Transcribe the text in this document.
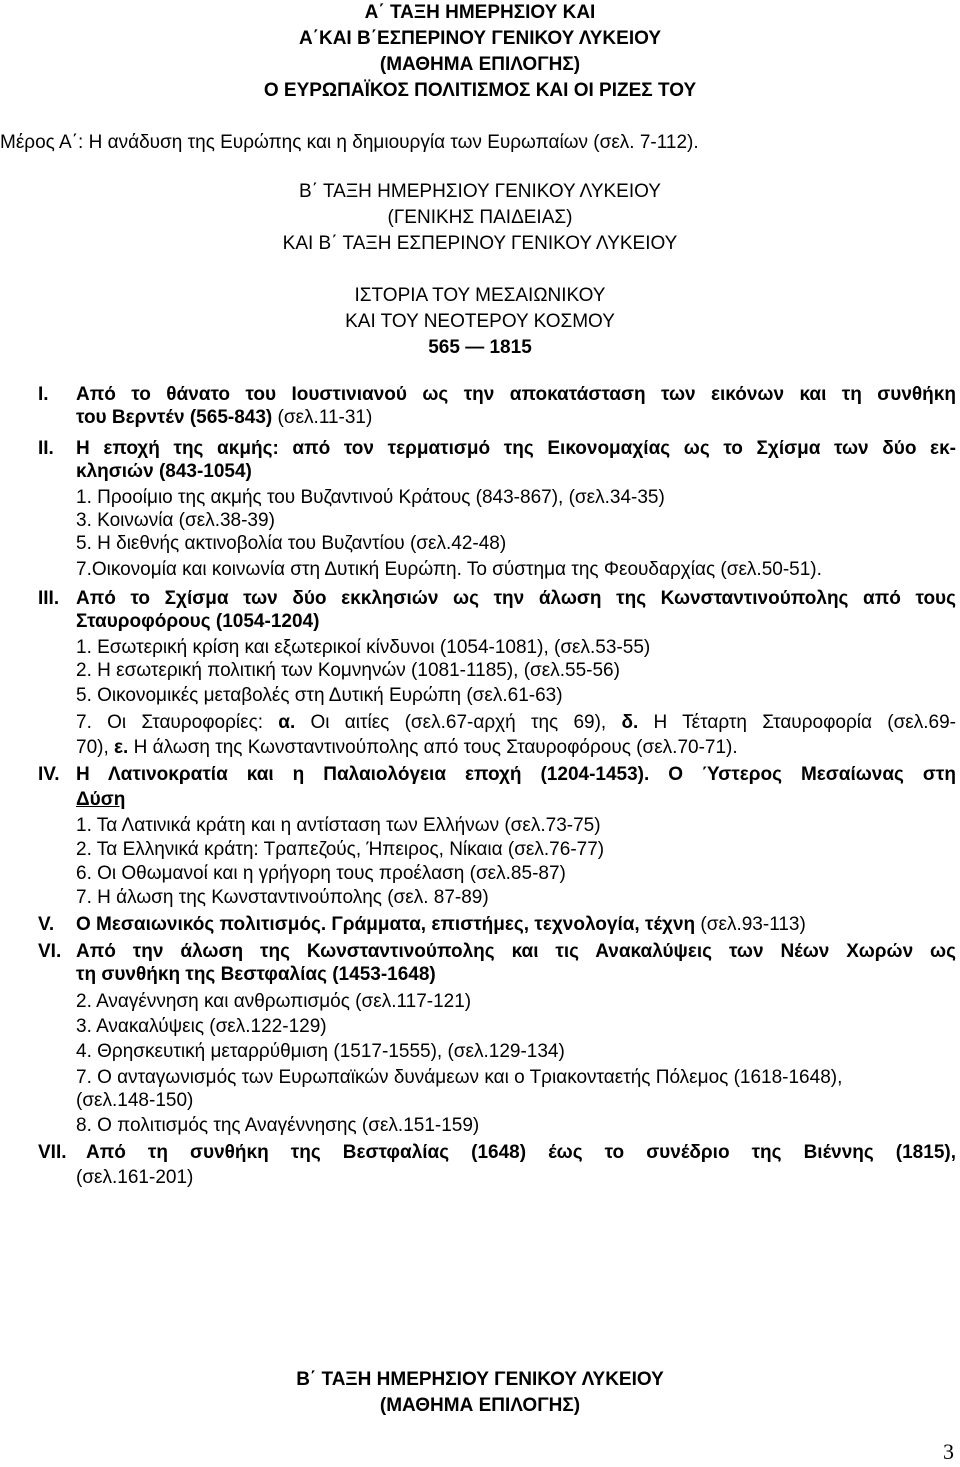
Α΄ ΤΑΞΗ ΗΜΕΡΗΣΙΟΥ ΚΑΙ
Α΄ΚΑΙ Β΄ΕΣΠΕΡΙΝΟΥ ΓΕΝΙΚΟΥ ΛΥΚΕΙΟΥ
(ΜΑΘΗΜΑ ΕΠΙΛΟΓΗΣ)
Ο ΕΥΡΩΠΑΪΚΟΣ ΠΟΛΙΤΙΣΜΟΣ ΚΑΙ ΟΙ ΡΙΖΕΣ ΤΟΥ
Μέρος Α΄: Η ανάδυση της Ευρώπης και η δημιουργία των Ευρωπαίων (σελ. 7-112).
Β΄ ΤΑΞΗ ΗΜΕΡΗΣΙΟΥ ΓΕΝΙΚΟΥ ΛΥΚΕΙΟΥ
(ΓΕΝΙΚΗΣ ΠΑΙΔΕΙΑΣ)
ΚΑΙ Β΄ ΤΑΞΗ ΕΣΠΕΡΙΝΟΥ ΓΕΝΙΚΟΥ ΛΥΚΕΙΟΥ
ΙΣΤΟΡΙΑ ΤΟΥ ΜΕΣΑΙΩΝΙΚΟΥ
ΚΑΙ ΤΟΥ ΝΕΟΤΕΡΟΥ ΚΟΣΜΟΥ
565 — 1815
Ι. Από το θάνατο του Ιουστινιανού ως την αποκατάσταση των εικόνων και τη συνθήκη
του Βερντέν (565-843) (σελ.11-31)
ΙΙ. Η εποχή της ακμής: από τον τερματισμό της Εικονομαχίας ως το Σχίσμα των δύο εκ-
κλησιών (843-1054)
1. Προοίμιο της ακμής του Βυζαντινού Κράτους (843-867), (σελ.34-35)
3. Κοινωνία (σελ.38-39)
5. Η διεθνής ακτινοβολία του Βυζαντίου (σελ.42-48)
7.Οικονομία και κοινωνία στη Δυτική Ευρώπη. Το σύστημα της Φεουδαρχίας (σελ.50-51).
ΙΙΙ. Από το Σχίσμα των δύο εκκλησιών ως την άλωση της Κωνσταντινούπολης από τους
Σταυροφόρους (1054-1204)
1. Εσωτερική κρίση και εξωτερικοί κίνδυνοι (1054-1081), (σελ.53-55)
2. Η εσωτερική πολιτική των Κομνηνών (1081-1185), (σελ.55-56)
5. Οικονομικές μεταβολές στη Δυτική Ευρώπη (σελ.61-63)
7. Οι Σταυροφορίες: α. Οι αιτίες (σελ.67-αρχή της 69), δ. Η Τέταρτη Σταυροφορία (σελ.69-
70), ε. Η άλωση της Κωνσταντινούπολης από τους Σταυροφόρους (σελ.70-71).
IV. Η Λατινοκρατία και η Παλαιολόγεια εποχή (1204-1453). Ο Ύστερος Μεσαίωνας στη
Δύση
1. Τα Λατινικά κράτη και η αντίσταση των Ελλήνων (σελ.73-75)
2. Τα Ελληνικά κράτη: Τραπεζούς, Ήπειρος, Νίκαια (σελ.76-77)
6. Οι Οθωμανοί και η γρήγορη τους προέλαση (σελ.85-87)
7. Η άλωση της Κωνσταντινούπολης (σελ. 87-89)
V. Ο Μεσαιωνικός πολιτισμός. Γράμματα, επιστήμες, τεχνολογία, τέχνη (σελ.93-113)
VI. Από την άλωση της Κωνσταντινούπολης και τις Ανακαλύψεις των Νέων Χωρών ως
τη συνθήκη της Βεστφαλίας (1453-1648)
2. Αναγέννηση και ανθρωπισμός (σελ.117-121)
3. Ανακαλύψεις (σελ.122-129)
4. Θρησκευτική μεταρρύθμιση (1517-1555), (σελ.129-134)
7. Ο ανταγωνισμός των Ευρωπαϊκών δυνάμεων και ο Τριακονταετής Πόλεμος (1618-1648),
(σελ.148-150)
8. Ο πολιτισμός της Αναγέννησης (σελ.151-159)
VII. Από τη συνθήκη της Βεστφαλίας (1648) έως το συνέδριο της Βιέννης (1815),
(σελ.161-201)
Β΄ ΤΑΞΗ ΗΜΕΡΗΣΙΟΥ ΓΕΝΙΚΟΥ ΛΥΚΕΙΟΥ
(ΜΑΘΗΜΑ ΕΠΙΛΟΓΗΣ)
3
